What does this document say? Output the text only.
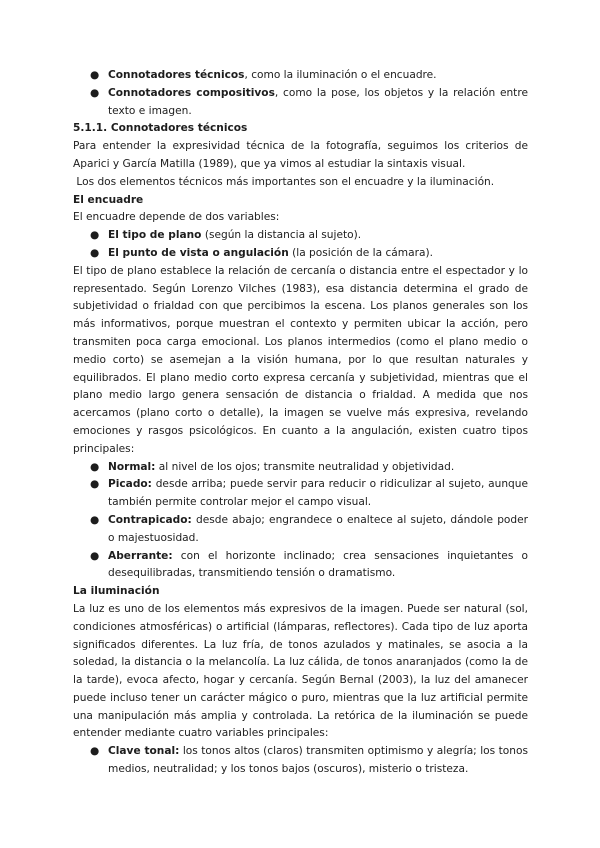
● Connotadores técnicos, como la iluminación o el encuadre.
● Connotadores compositivos, como la pose, los objetos y la relación entre texto e imagen.

5.1.1. Connotadores técnicos

Para entender la expresividad técnica de la fotografía, seguimos los criterios de Aparici y García Matilla (1989), que ya vimos al estudiar la sintaxis visual.

Los dos elementos técnicos más importantes son el encuadre y la iluminación.

El encuadre

El encuadre depende de dos variables:

● El tipo de plano (según la distancia al sujeto).
● El punto de vista o angulación (la posición de la cámara).

El tipo de plano establece la relación de cercanía o distancia entre el espectador y lo representado. Según Lorenzo Vilches (1983), esa distancia determina el grado de subjetividad o frialdad con que percibimos la escena. Los planos generales son los más informativos, porque muestran el contexto y permiten ubicar la acción, pero transmiten poca carga emocional. Los planos intermedios (como el plano medio o medio corto) se asemejan a la visión humana, por lo que resultan naturales y equilibrados. El plano medio corto expresa cercanía y subjetividad, mientras que el plano medio largo genera sensación de distancia o frialdad. A medida que nos acercamos (plano corto o detalle), la imagen se vuelve más expresiva, revelando emociones y rasgos psicológicos. En cuanto a la angulación, existen cuatro tipos principales:

● Normal: al nivel de los ojos; transmite neutralidad y objetividad.
● Picado: desde arriba; puede servir para reducir o ridiculizar al sujeto, aunque también permite controlar mejor el campo visual.
● Contrapicado: desde abajo; engrandece o enaltece al sujeto, dándole poder o majestuosidad.
● Aberrante: con el horizonte inclinado; crea sensaciones inquietantes o desequilibradas, transmitiendo tensión o dramatismo.

La iluminación

La luz es uno de los elementos más expresivos de la imagen. Puede ser natural (sol, condiciones atmosféricas) o artificial (lámparas, reflectores). Cada tipo de luz aporta significados diferentes. La luz fría, de tonos azulados y matinales, se asocia a la soledad, la distancia o la melancolía. La luz cálida, de tonos anaranjados (como la de la tarde), evoca afecto, hogar y cercanía. Según Bernal (2003), la luz del amanecer puede incluso tener un carácter mágico o puro, mientras que la luz artificial permite una manipulación más amplia y controlada. La retórica de la iluminación se puede entender mediante cuatro variables principales:

● Clave tonal: los tonos altos (claros) transmiten optimismo y alegría; los tonos medios, neutralidad; y los tonos bajos (oscuros), misterio o tristeza.
